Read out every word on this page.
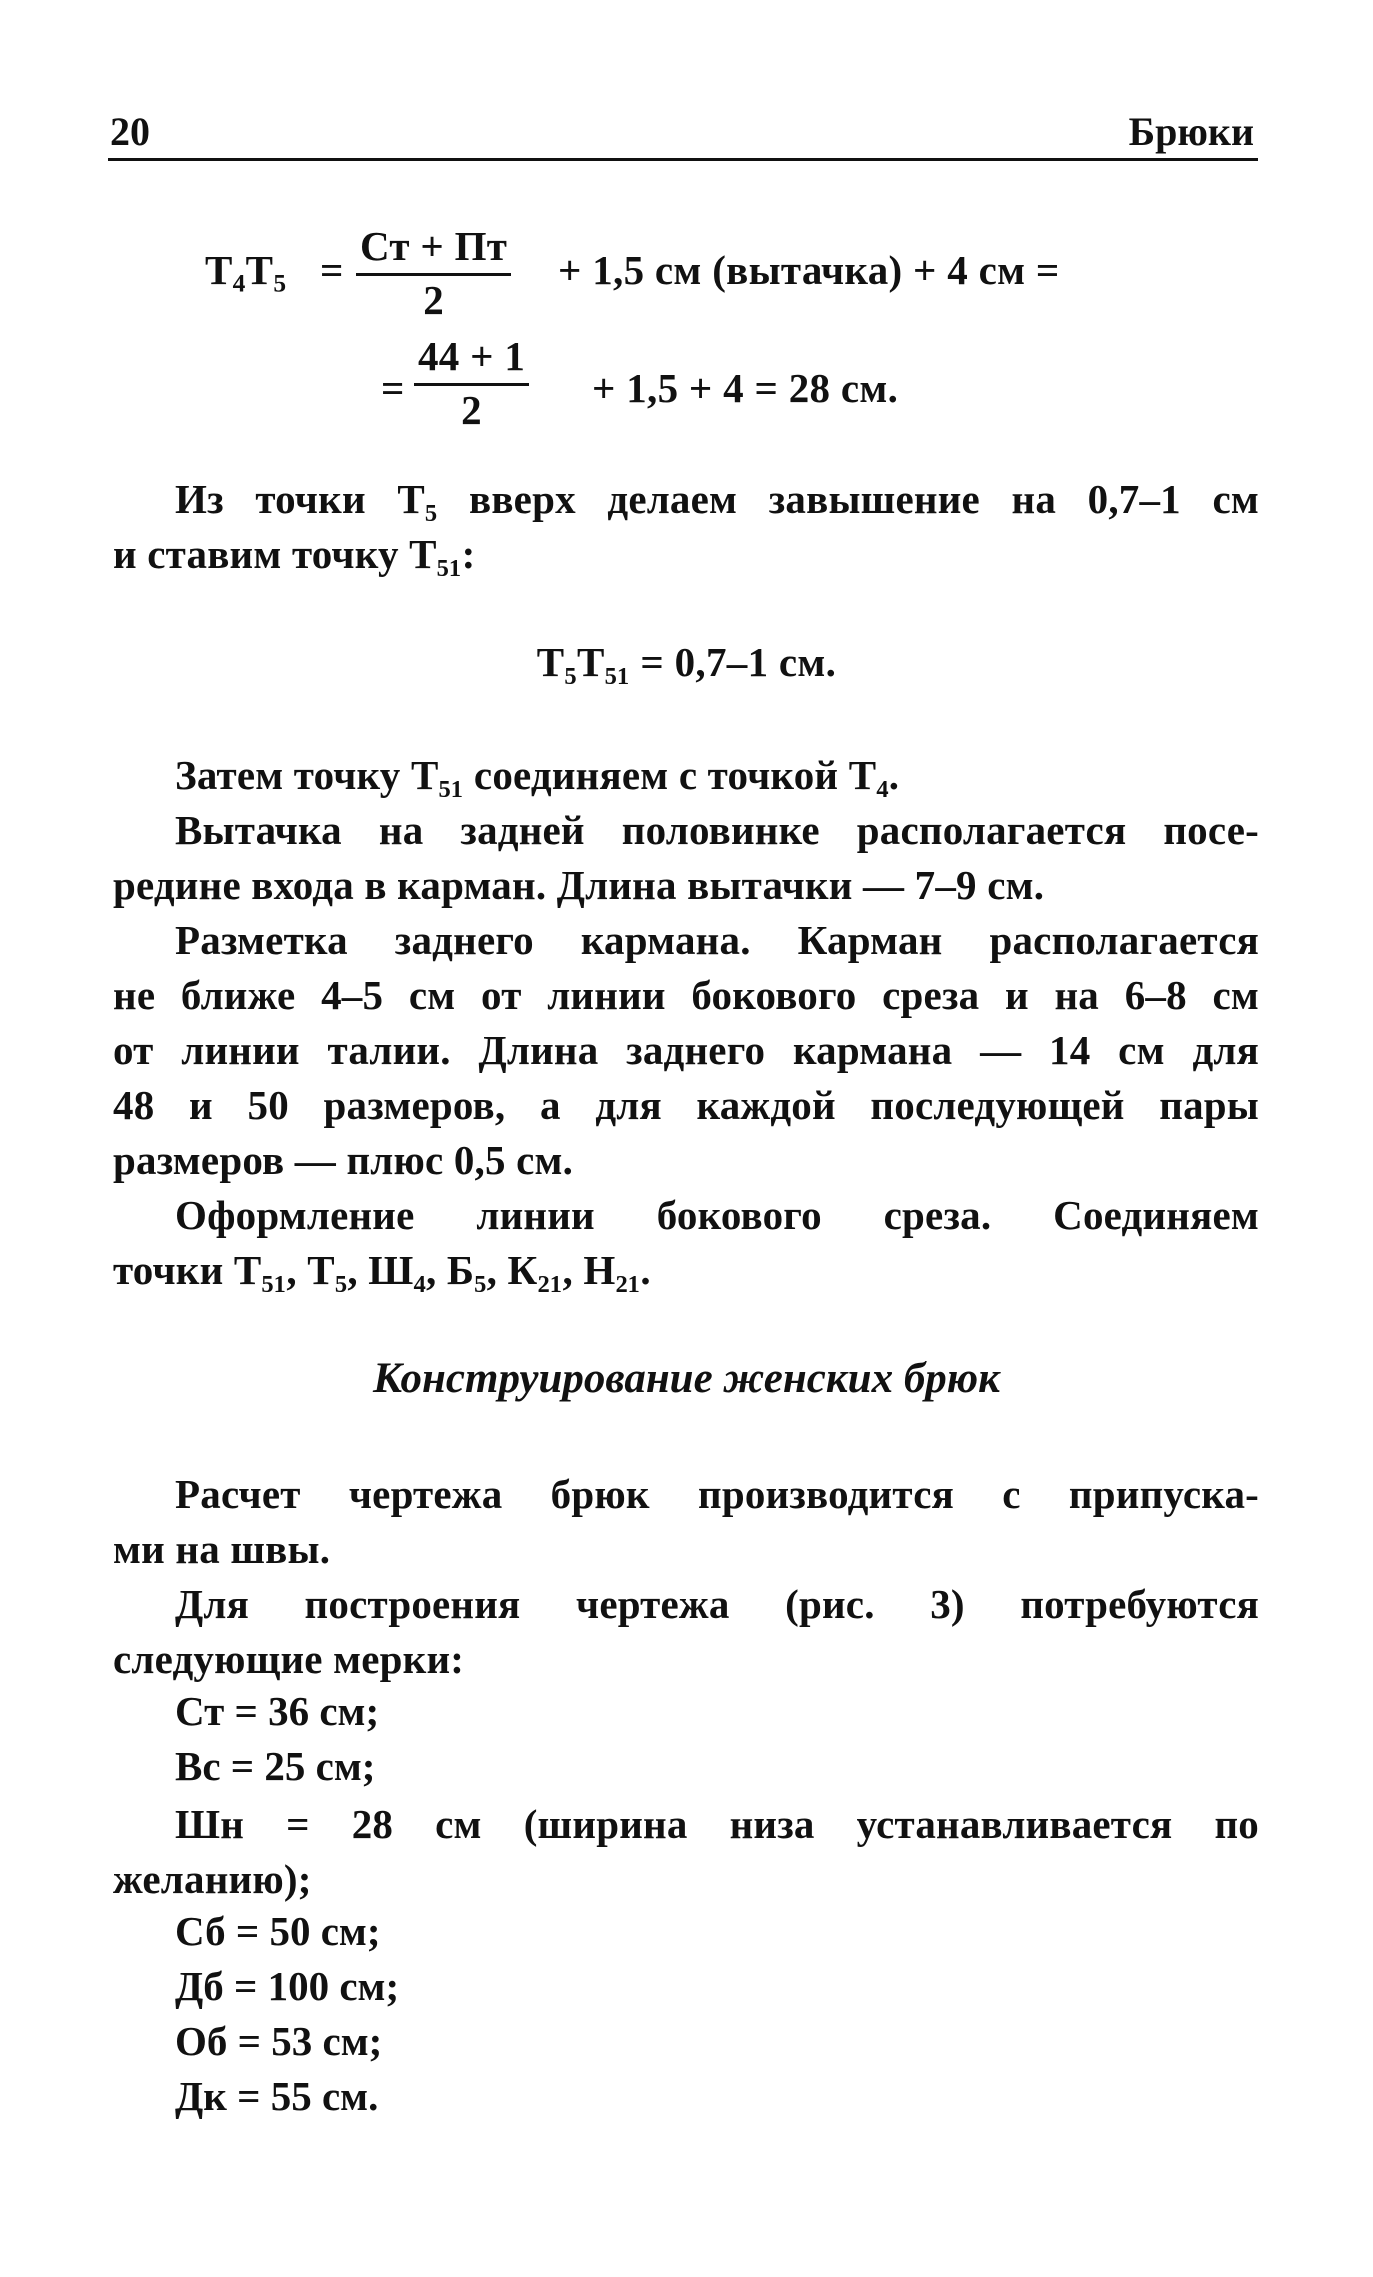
20	Брюки
$Т_4Т_5$ =
Ст + Пт
2
+ 1,5 см (вытачка) + 4 см =
= $\frac{44 + 1}{2} + 1,5 + 4 = 28$ см.
Из точки Т₅ вверх делаем завышение на 0,7–1 см
и ставим точку Т₅₁:
Т₅Т₅₁ = 0,7–1 см.
Затем точку Т₅₁ соединяем с точкой Т₄.
Вытачка на задней половинке располагается посе-
редине входа в карман. Длина вытачки — 7–9 см.
Разметка заднего кармана. Карман располагается
не ближе 4–5 см от линии бокового среза и на 6–8 см
от линии талии. Длина заднего кармана — 14 см для
48 и 50 размеров, а для каждой последующей пары
размеров — плюс 0,5 см.
Оформление линии бокового среза. Соединяем
точки Т₅₁, Т₅, Ш₄, Б₅, К₂₁, Н₂₁.
Конструирование женских брюк
Расчет чертежа брюк производится с припуска-
ми на швы.
Для построения чертежа (рис. 3) потребуются
следующие мерки:
Ст = 36 см;
Вс = 25 см;
Шн = 28 см (ширина низа устанавливается по
желанию);
Сб = 50 см;
Дб = 100 см;
Об = 53 см;
Дк = 55 см.
